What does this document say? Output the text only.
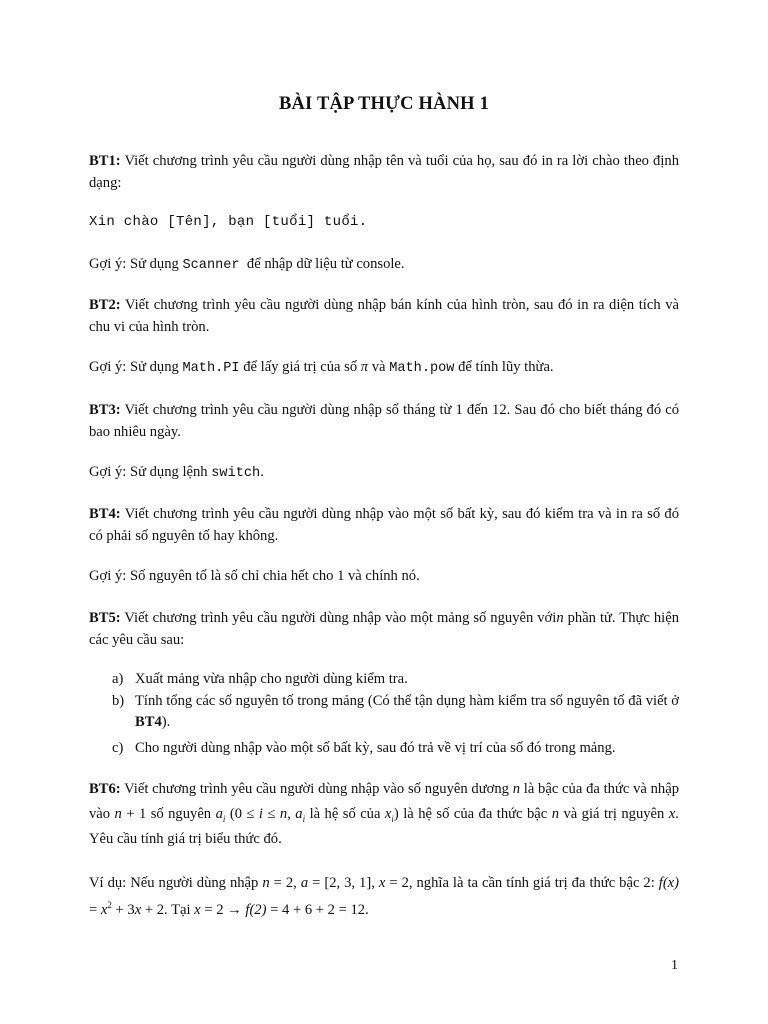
BÀI TẬP THỰC HÀNH 1
BT1: Viết chương trình yêu cầu người dùng nhập tên và tuổi của họ, sau đó in ra lời chào theo định dạng:
Xin chào [Tên], bạn [tuổi] tuổi.
Gợi ý: Sử dụng Scanner để nhập dữ liệu từ console.
BT2: Viết chương trình yêu cầu người dùng nhập bán kính của hình tròn, sau đó in ra diện tích và chu vi của hình tròn.
Gợi ý: Sử dụng Math.PI để lấy giá trị của số π và Math.pow để tính lũy thừa.
BT3: Viết chương trình yêu cầu người dùng nhập số tháng từ 1 đến 12. Sau đó cho biết tháng đó có bao nhiêu ngày.
Gợi ý: Sử dụng lệnh switch.
BT4: Viết chương trình yêu cầu người dùng nhập vào một số bất kỳ, sau đó kiểm tra và in ra số đó có phải số nguyên tố hay không.
Gợi ý: Số nguyên tố là số chỉ chia hết cho 1 và chính nó.
BT5: Viết chương trình yêu cầu người dùng nhập vào một mảng số nguyên vớin phần tử. Thực hiện các yêu cầu sau:
a) Xuất mảng vừa nhập cho người dùng kiểm tra.
b) Tính tổng các số nguyên tố trong mảng (Có thể tận dụng hàm kiểm tra số nguyên tố đã viết ở BT4).
c) Cho người dùng nhập vào một số bất kỳ, sau đó trả về vị trí của số đó trong mảng.
BT6: Viết chương trình yêu cầu người dùng nhập vào số nguyên dương n là bậc của đa thức và nhập vào n + 1 số nguyên $a_i$ (0 ≤ i ≤ n, $a_i$ là hệ số của $x_i$) là hệ số của đa thức bậc n và giá trị nguyên x. Yêu cầu tính giá trị biểu thức đó.
Ví dụ: Nếu người dùng nhập n = 2, a = [2, 3, 1], x = 2, nghĩa là ta cần tính giá trị đa thức bậc 2: $f(x) = x^2 + 3x + 2$. Tại x = 2 → f(2) = 4 + 6 + 2 = 12.
1
